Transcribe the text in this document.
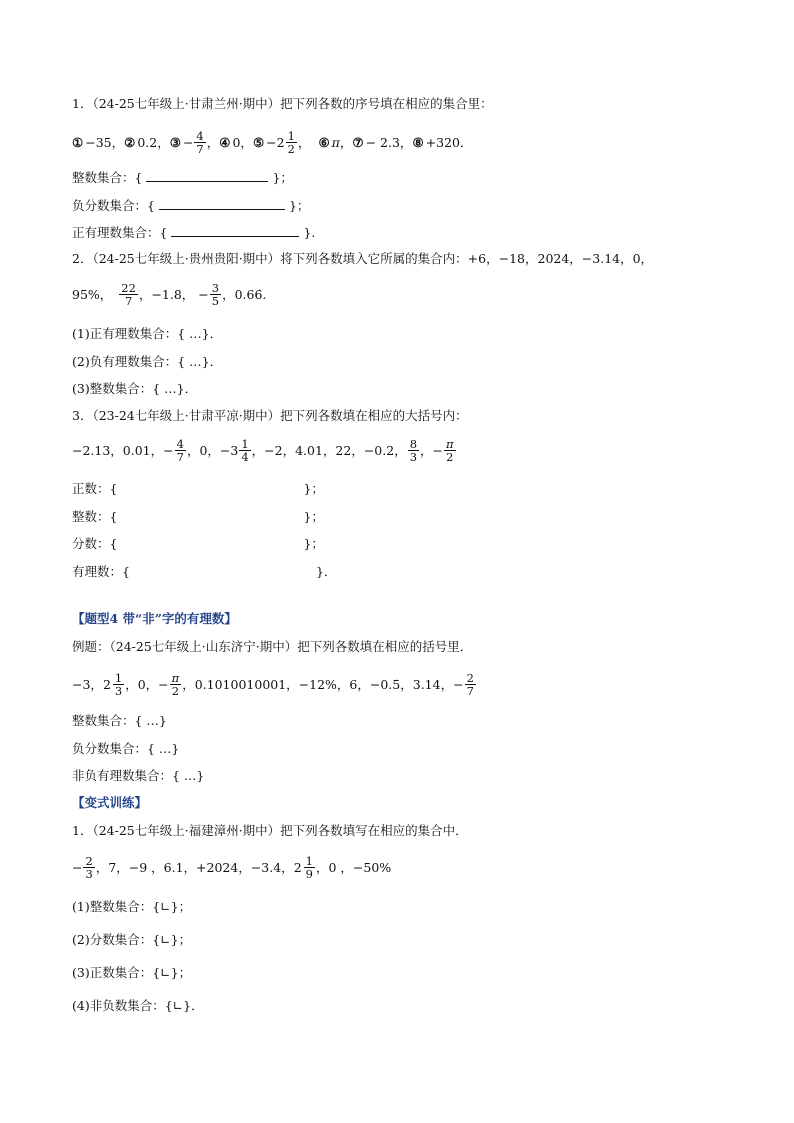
1．（24-25七年级上·甘肃兰州·期中）把下列各数的序号填在相应的集合里：
① −35， ② 0.2， ③ − $\frac{4}{7}$ ， ④ 0， ⑤ $-2 \frac{1}{2}$ ， ⑥ π ， ⑦ − 2.3， ⑧ +320．
整数集合：{	}；
负分数集合：{	}；
正有理数集合：{	}.
2．（24-25七年级上·贵州贵阳·期中）将下列各数填入它所属的集合内：+6，−18，2024，−3.14，0，
95%， $\frac{22}{7}$ ，−1.8， − $\frac{3}{5}$ ，0.6 6̇ .
(1)正有理数集合：{ …}．
(2)负有理数集合：{ …}．
(3)整数集合：{ …}．
3．（23-24七年级上·甘肃平凉·期中）把下列各数填在相应的大括号内：
−2.13，0.01， − $\frac{4}{7}$ ，0， $-3 \frac{1}{4}$ ，−2，4.01，22，−0.2， $\frac{8}{3}$ ， − $\frac{\pi}{2}$
正数：{	}；
整数：{	}；
分数：{	}；
有理数：{	}．
【题型4 带“非”字的有理数】
例题：（24-25七年级上·山东济宁·期中）把下列各数填在相应的括号里．
−3， $2 \frac{1}{3}$ ，0， − $\frac{\pi}{2}$ ，0.1010010001，−12%，6，−0. 5̇ ，3.14， − $\frac{2}{7}$
整数集合：{ …}
负分数集合：{ …}
非负有理数集合：{ …}
【变式训练】
1．（24-25七年级上·福建漳州·期中）把下列各数填写在相应的集合中．
− $\frac{2}{3}$ ，7，−9 ，6.1，+2024，−3.4， $2 \frac{1}{9}$ ，0 ，−50%
(1)整数集合：{∟}；
(2)分数集合：{∟}；
(3)正数集合：{∟}；
(4)非负数集合：{∟}．
